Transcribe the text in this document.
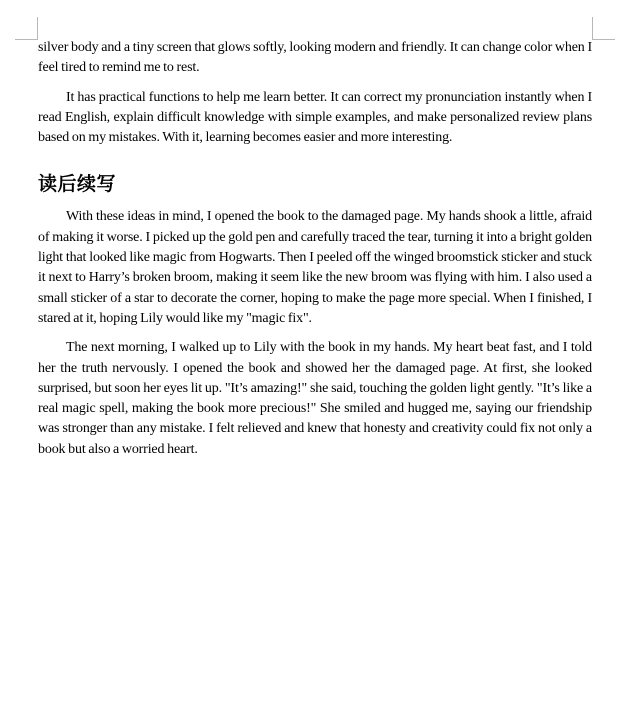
silver body and a tiny screen that glows softly, looking modern and friendly. It can change color when I feel tired to remind me to rest.

It has practical functions to help me learn better. It can correct my pronunciation instantly when I read English, explain difficult knowledge with simple examples, and make personalized review plans based on my mistakes. With it, learning becomes easier and more interesting.

读后续写

With these ideas in mind, I opened the book to the damaged page. My hands shook a little, afraid of making it worse. I picked up the gold pen and carefully traced the tear, turning it into a bright golden light that looked like magic from Hogwarts. Then I peeled off the winged broomstick sticker and stuck it next to Harry’s broken broom, making it seem like the new broom was flying with him. I also used a small sticker of a star to decorate the corner, hoping to make the page more special. When I finished, I stared at it, hoping Lily would like my "magic fix".

The next morning, I walked up to Lily with the book in my hands. My heart beat fast, and I told her the truth nervously. I opened the book and showed her the damaged page. At first, she looked surprised, but soon her eyes lit up. "It’s amazing!" she said, touching the golden light gently. "It’s like a real magic spell, making the book more precious!" She smiled and hugged me, saying our friendship was stronger than any mistake. I felt relieved and knew that honesty and creativity could fix not only a book but also a worried heart.
